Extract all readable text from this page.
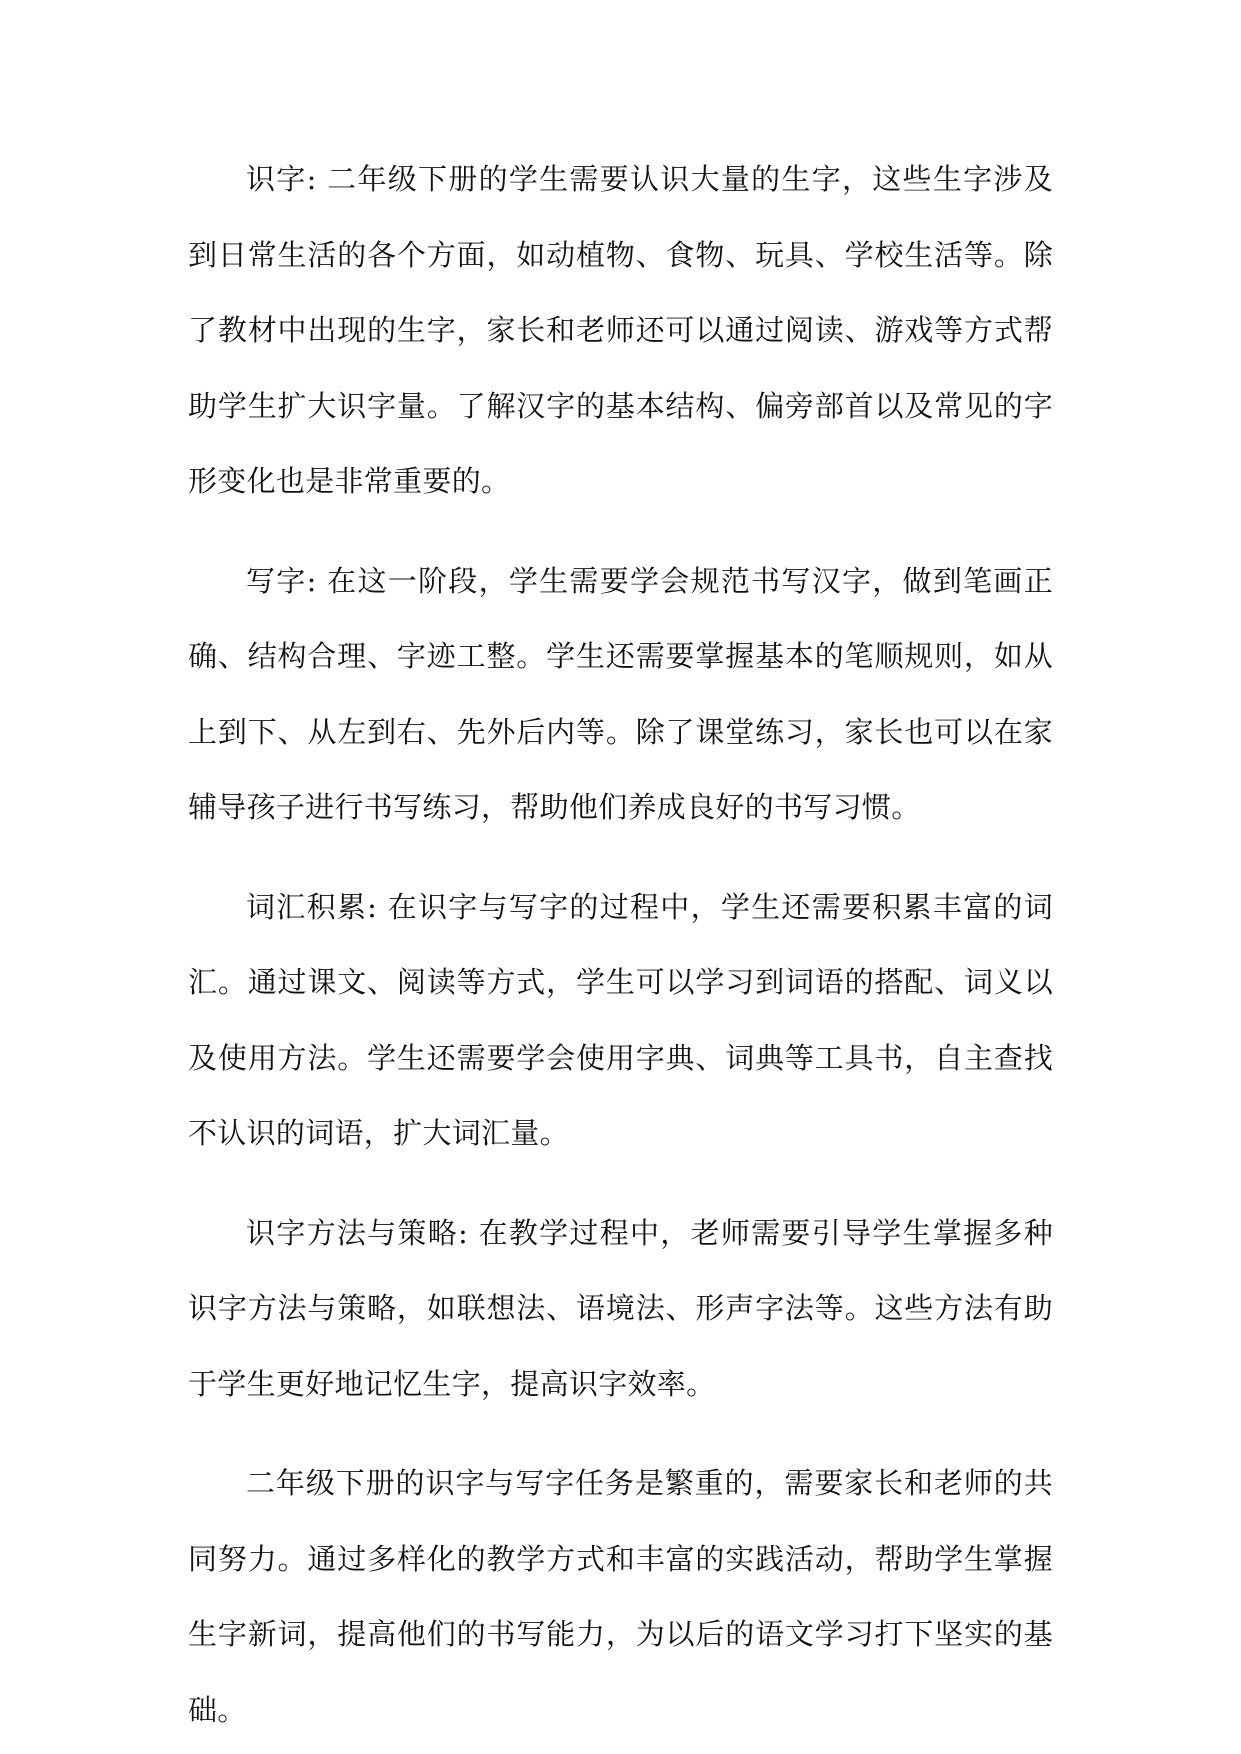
识字: 二年级下册的学生需要认识大量的生字，这些生字涉及到日常生活的各个方面，如动植物、食物、玩具、学校生活等。除了教材中出现的生字，家长和老师还可以通过阅读、游戏等方式帮助学生扩大识字量。了解汉字的基本结构、偏旁部首以及常见的字形变化也是非常重要的。

写字: 在这一阶段，学生需要学会规范书写汉字，做到笔画正确、结构合理、字迹工整。学生还需要掌握基本的笔顺规则，如从上到下、从左到右、先外后内等。除了课堂练习，家长也可以在家辅导孩子进行书写练习，帮助他们养成良好的书写习惯。

词汇积累: 在识字与写字的过程中，学生还需要积累丰富的词汇。通过课文、阅读等方式，学生可以学习到词语的搭配、词义以及使用方法。学生还需要学会使用字典、词典等工具书，自主查找不认识的词语，扩大词汇量。

识字方法与策略: 在教学过程中，老师需要引导学生掌握多种识字方法与策略，如联想法、语境法、形声字法等。这些方法有助于学生更好地记忆生字，提高识字效率。

二年级下册的识字与写字任务是繁重的，需要家长和老师的共同努力。通过多样化的教学方式和丰富的实践活动，帮助学生掌握生字新词，提高他们的书写能力，为以后的语文学习打下坚实的基础。
